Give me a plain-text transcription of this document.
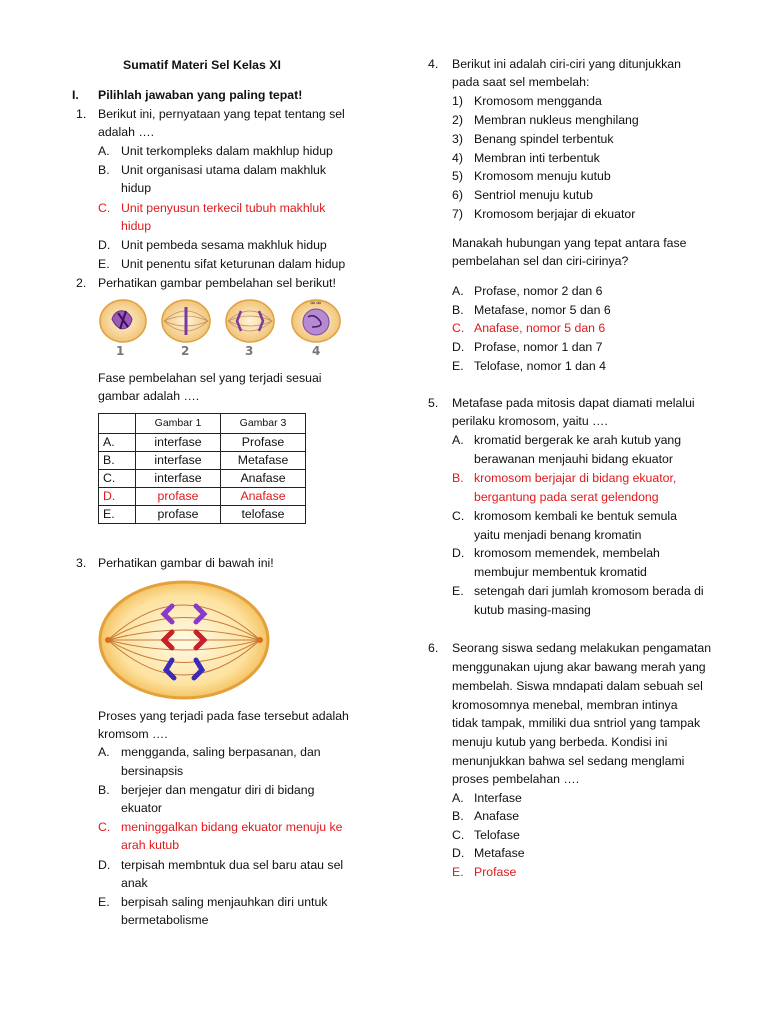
Sumatif Materi Sel Kelas XI
I. Pilihlah jawaban yang paling tepat!
1. Berikut ini, pernyataan yang tepat tentang sel
adalah ….
A. Unit terkompleks dalam makhlup hidup
B. Unit organisasi utama dalam makhluk
hidup
C. Unit penyusun terkecil tubuh makhluk
hidup
D. Unit pembeda sesama makhluk hidup
E. Unit penentu sifat keturunan dalam hidup
2. Perhatikan gambar pembelahan sel berikut!
∞∞
1	2	3	4
Fase pembelahan sel yang terjadi sesuai
gambar adalah ….
	Gambar 1	Gambar 3
A.	interfase	Profase
B.	interfase	Metafase
C.	interfase	Anafase
D.	profase	Anafase
E.	profase	telofase
3. Perhatikan gambar di bawah ini!
Proses yang terjadi pada fase tersebut adalah
kromsom ….
A. mengganda, saling berpasanan, dan
bersinapsis
B. berjejer dan mengatur diri di bidang
ekuator
C. meninggalkan bidang ekuator menuju ke
arah kutub
D. terpisah membntuk dua sel baru atau sel
anak
E. berpisah saling menjauhkan diri untuk
bermetabolisme
4. Berikut ini adalah ciri-ciri yang ditunjukkan
pada saat sel membelah:
1) Kromosom mengganda
2) Membran nukleus menghilang
3) Benang spindel terbentuk
4) Membran inti terbentuk
5) Kromosom menuju kutub
6) Sentriol menuju kutub
7) Kromosom berjajar di ekuator
Manakah hubungan yang tepat antara fase
pembelahan sel dan ciri-cirinya?
A. Profase, nomor 2 dan 6
B. Metafase, nomor 5 dan 6
C. Anafase, nomor 5 dan 6
D. Profase, nomor 1 dan 7
E. Telofase, nomor 1 dan 4
5. Metafase pada mitosis dapat diamati melalui
perilaku kromosom, yaitu ….
A. kromatid bergerak ke arah kutub yang
berawanan menjauhi bidang ekuator
B. kromosom berjajar di bidang ekuator,
bergantung pada serat gelendong
C. kromosom kembali ke bentuk semula
yaitu menjadi benang kromatin
D. kromosom memendek, membelah
membujur membentuk kromatid
E. setengah dari jumlah kromosom berada di
kutub masing-masing
6. Seorang siswa sedang melakukan pengamatan
menggunakan ujung akar bawang merah yang
membelah. Siswa mndapati dalam sebuah sel
kromosomnya menebal, membran intinya
tidak tampak, mmiliki dua sntriol yang tampak
menuju kutub yang berbeda. Kondisi ini
menunjukkan bahwa sel sedang menglami
proses pembelahan ….
A. Interfase
B. Anafase
C. Telofase
D. Metafase
E. Profase
